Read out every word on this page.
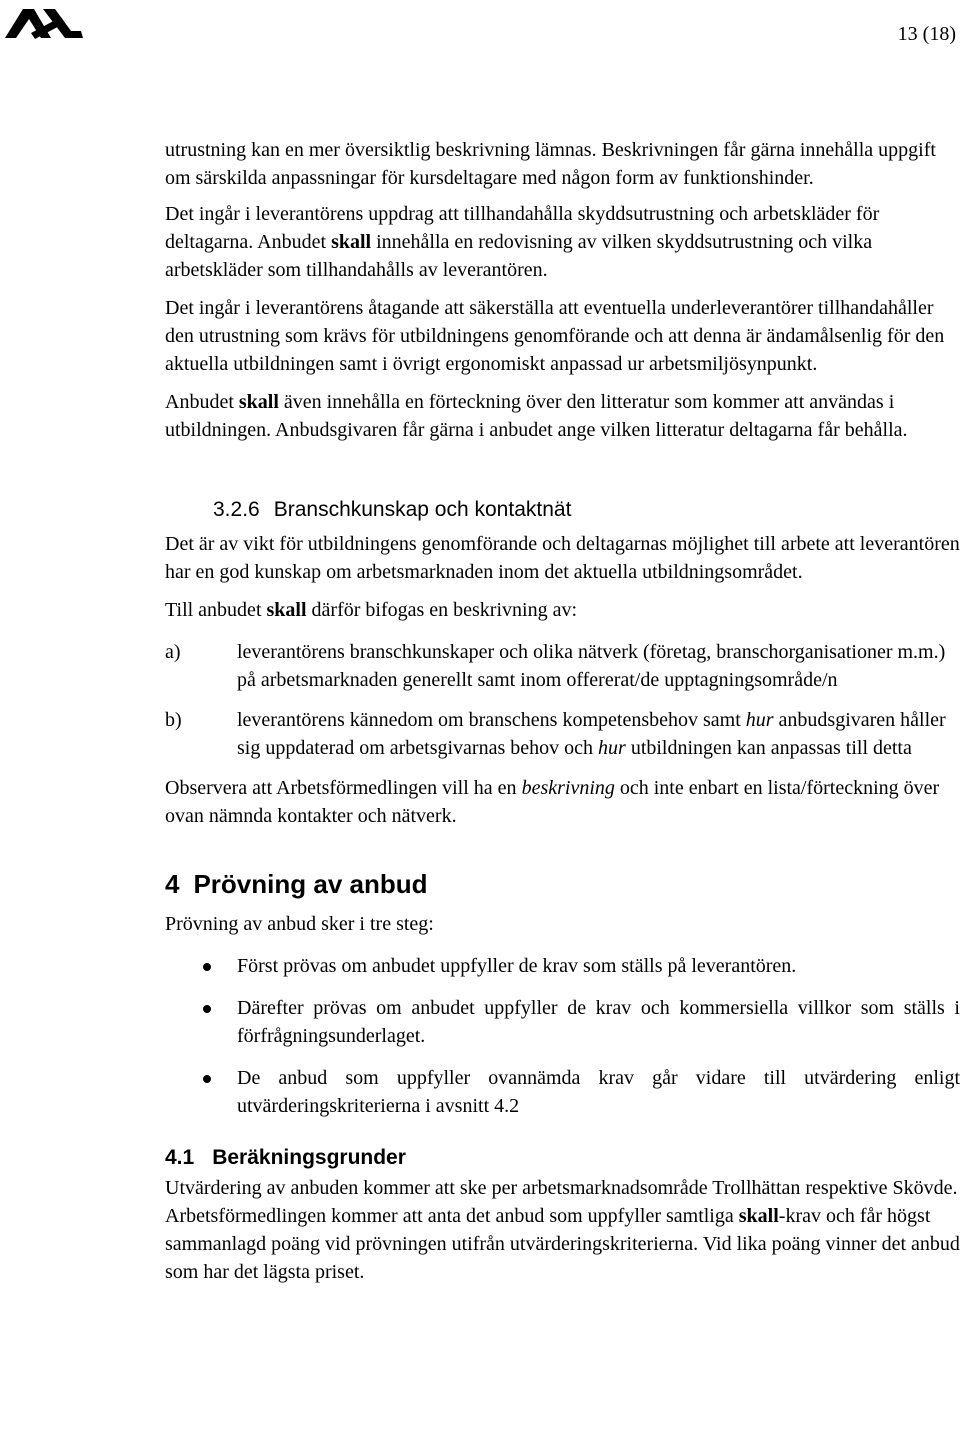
13 (18)

utrustning kan en mer översiktlig beskrivning lämnas. Beskrivningen får gärna innehålla uppgift om särskilda anpassningar för kursdeltagare med någon form av funktionshinder.

Det ingår i leverantörens uppdrag att tillhandahålla skyddsutrustning och arbetskläder för deltagarna. Anbudet skall innehålla en redovisning av vilken skyddsutrustning och vilka arbetskläder som tillhandahålls av leverantören.

Det ingår i leverantörens åtagande att säkerställa att eventuella underleverantörer tillhandahåller den utrustning som krävs för utbildningens genomförande och att denna är ändamålsenlig för den aktuella utbildningen samt i övrigt ergonomiskt anpassad ur arbetsmiljösynpunkt.

Anbudet skall även innehålla en förteckning över den litteratur som kommer att användas i utbildningen. Anbudsgivaren får gärna i anbudet ange vilken litteratur deltagarna får behålla.

3.2.6 Branschkunskap och kontaktnät

Det är av vikt för utbildningens genomförande och deltagarnas möjlighet till arbete att leverantören har en god kunskap om arbetsmarknaden inom det aktuella utbildningsområdet.

Till anbudet skall därför bifogas en beskrivning av:

a)	leverantörens branschkunskaper och olika nätverk (företag, branschorganisationer m.m.) på arbetsmarknaden generellt samt inom offererat/de upptagningsområde/n

b)	leverantörens kännedom om branschens kompetensbehov samt hur anbudsgivaren håller sig uppdaterad om arbetsgivarnas behov och hur utbildningen kan anpassas till detta

Observera att Arbetsförmedlingen vill ha en beskrivning och inte enbart en lista/förteckning över ovan nämnda kontakter och nätverk.

4 Prövning av anbud

Prövning av anbud sker i tre steg:

Först prövas om anbudet uppfyller de krav som ställs på leverantören.

Därefter prövas om anbudet uppfyller de krav och kommersiella villkor som ställs i förfrågningsunderlaget.

De anbud som uppfyller ovannämda krav går vidare till utvärdering enligt utvärderingskriterierna i avsnitt 4.2

4.1 Beräkningsgrunder

Utvärdering av anbuden kommer att ske per arbetsmarknadsområde Trollhättan respektive Skövde. Arbetsförmedlingen kommer att anta det anbud som uppfyller samtliga skall-krav och får högst sammanlagd poäng vid prövningen utifrån utvärderingskriterierna. Vid lika poäng vinner det anbud som har det lägsta priset.
